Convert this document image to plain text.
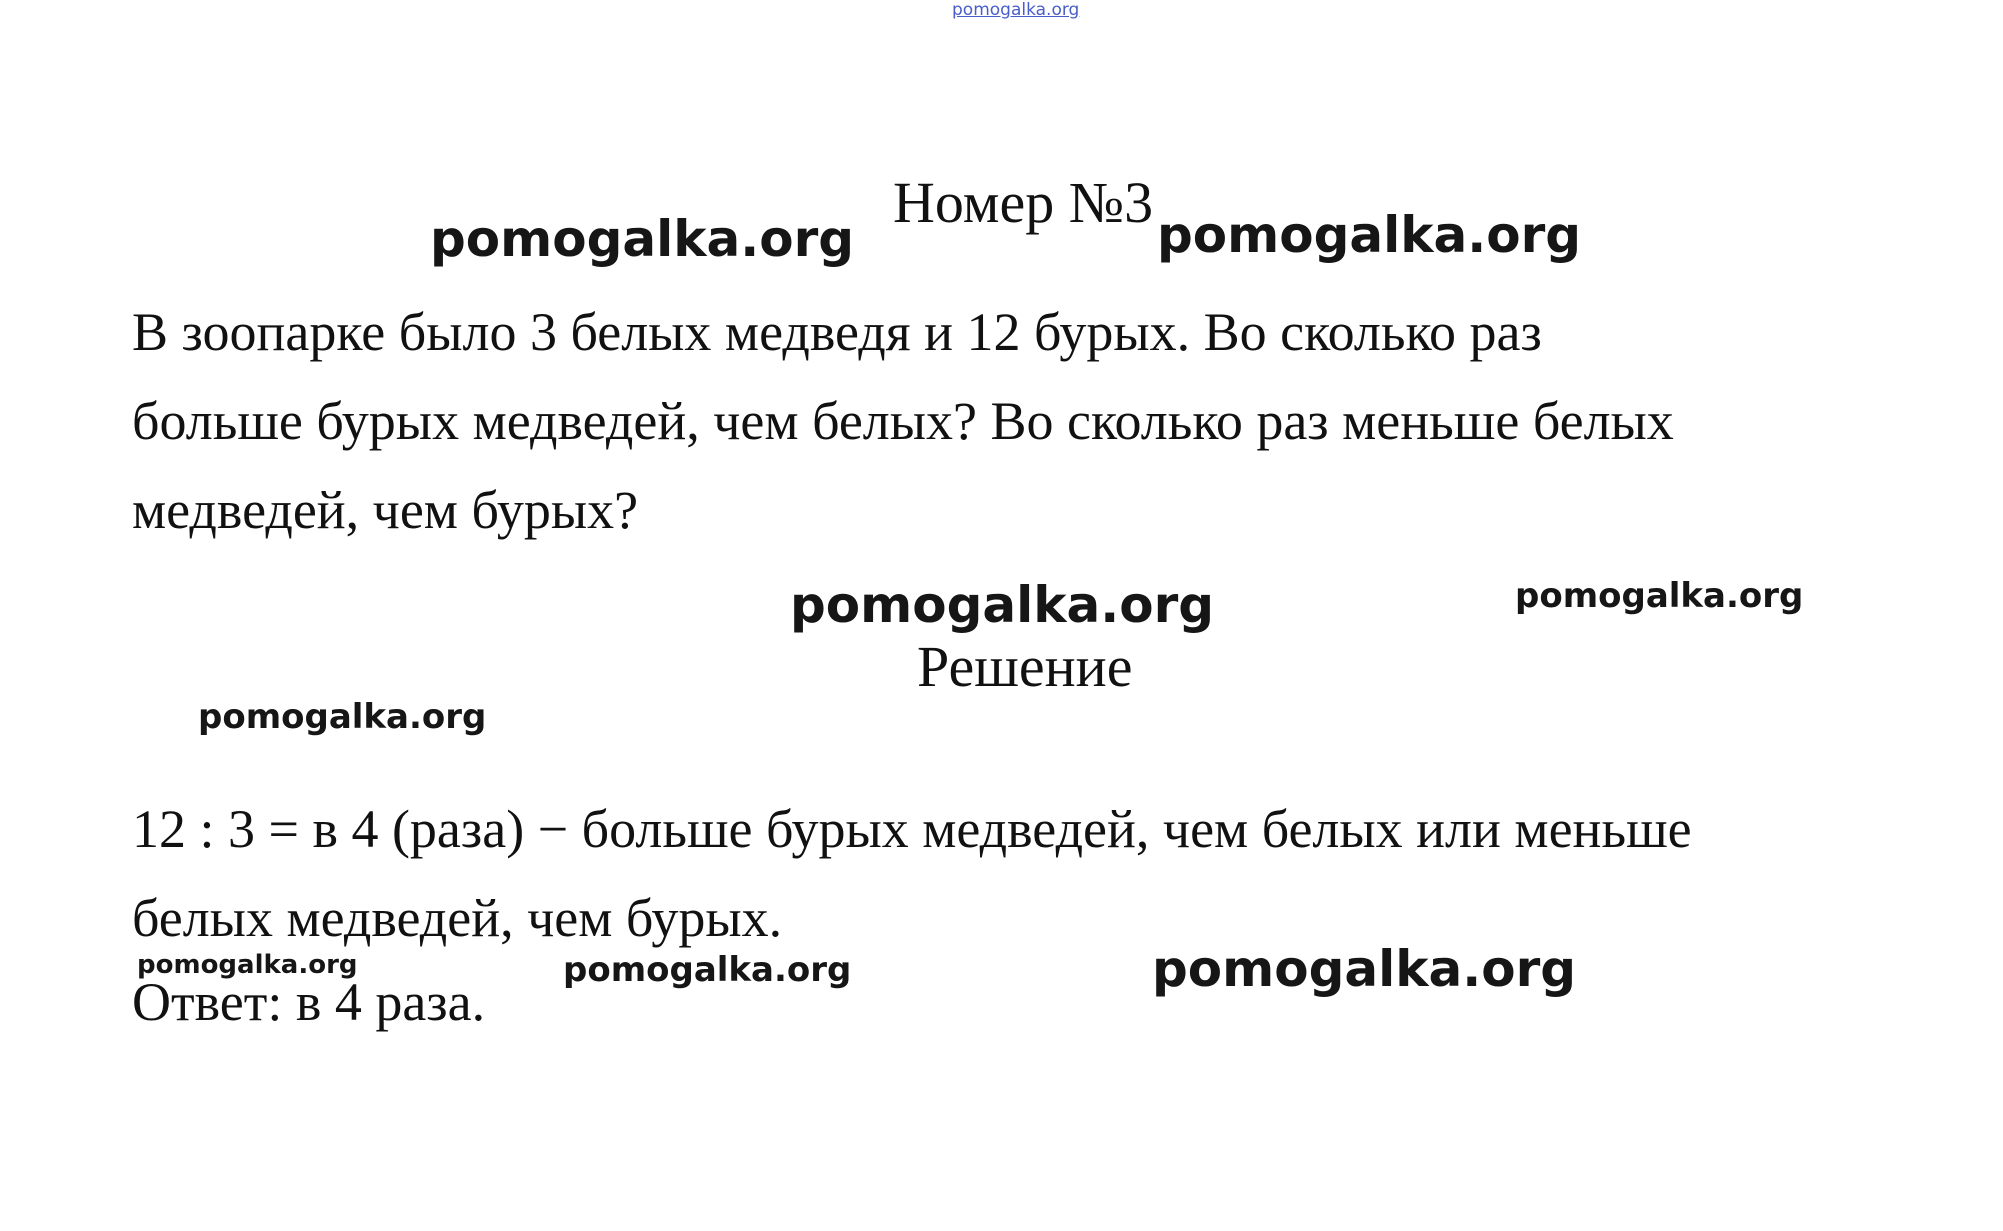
pomogalka.org
Номер №3
В зоопарке было 3 белых медведя и 12 бурых. Во сколько раз
больше бурых медведей, чем белых? Во сколько раз меньше белых
медведей, чем бурых?
Решение
12 : 3 = в 4 (раза) − больше бурых медведей, чем белых или меньше
белых медведей, чем бурых.
Ответ: в 4 раза.
pomogalka.org	pomogalka.org
pomogalka.org	pomogalka.org
pomogalka.org
pomogalka.org	pomogalka.org	pomogalka.org
